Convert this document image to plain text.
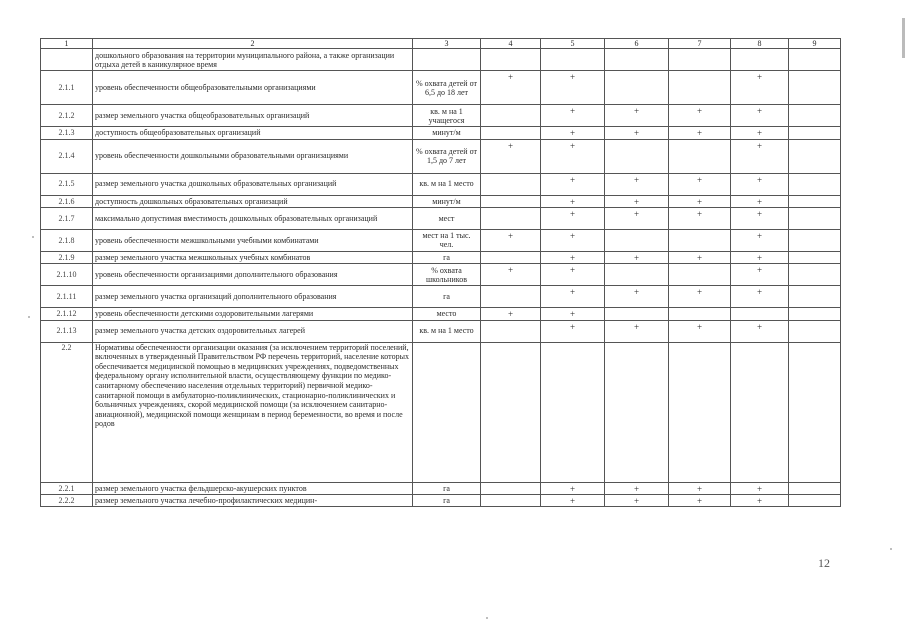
1	2	3	4	5	6	7	8	9
	дошкольного образования на территории муниципального района, а также организации отдыха детей в каникулярное время							
2.1.1	уровень обеспеченности общеобразовательными организациями	% охвата детей от 6,5 до 18 лет	+	+			+	
2.1.2	размер земельного участка общеобразовательных организаций	кв. м на 1 учащегося		+	+	+	+	
2.1.3	доступность общеобразовательных организаций	минут/м		+	+	+	+	
2.1.4	уровень обеспеченности дошкольными образовательными организациями	% охвата детей от 1,5 до 7 лет	+	+			+	
2.1.5	размер земельного участка дошкольных образовательных организаций	кв. м на 1 место		+	+	+	+	
2.1.6	доступность дошкольных образовательных организаций	минут/м		+	+	+	+	
2.1.7	максимально допустимая вместимость дошкольных образовательных организаций	мест		+	+	+	+	
2.1.8	уровень обеспеченности межшкольными учебными комбинатами	мест на 1 тыс. чел.	+	+			+	
2.1.9	размер земельного участка межшкольных учебных комбинатов	га		+	+	+	+	
2.1.10	уровень обеспеченности организациями дополнительного образования	% охвата школьников	+	+			+	
2.1.11	размер земельного участка организаций дополнительного образования	га		+	+	+	+	
2.1.12	уровень обеспеченности детскими оздоровительными лагерями	место	+	+				
2.1.13	размер земельного участка детских оздоровительных лагерей	кв. м на 1 место		+	+	+	+	
2.2	Нормативы обеспеченности организации оказания (за исключением территорий поселений, включенных в утвержденный Правительством РФ перечень территорий, население которых обеспечивается медицинской помощью в медицинских учреждениях, подведомственных федеральному органу исполнительной власти, осуществляющему функции по медико-санитарному обеспечению населения отдельных территорий) первичной медико-санитарной помощи в амбулаторно-поликлинических, стационарно-поликлинических и больничных учреждениях, скорой медицинской помощи (за исключением санитарно-авиационной), медицинской помощи женщинам в период беременности, во время и после родов							
2.2.1	размер земельного участка фельдшерско-акушерских пунктов	га		+	+	+	+	
2.2.2	размер земельного участка лечебно-профилактических медицин-	га		+	+	+	+	
12
